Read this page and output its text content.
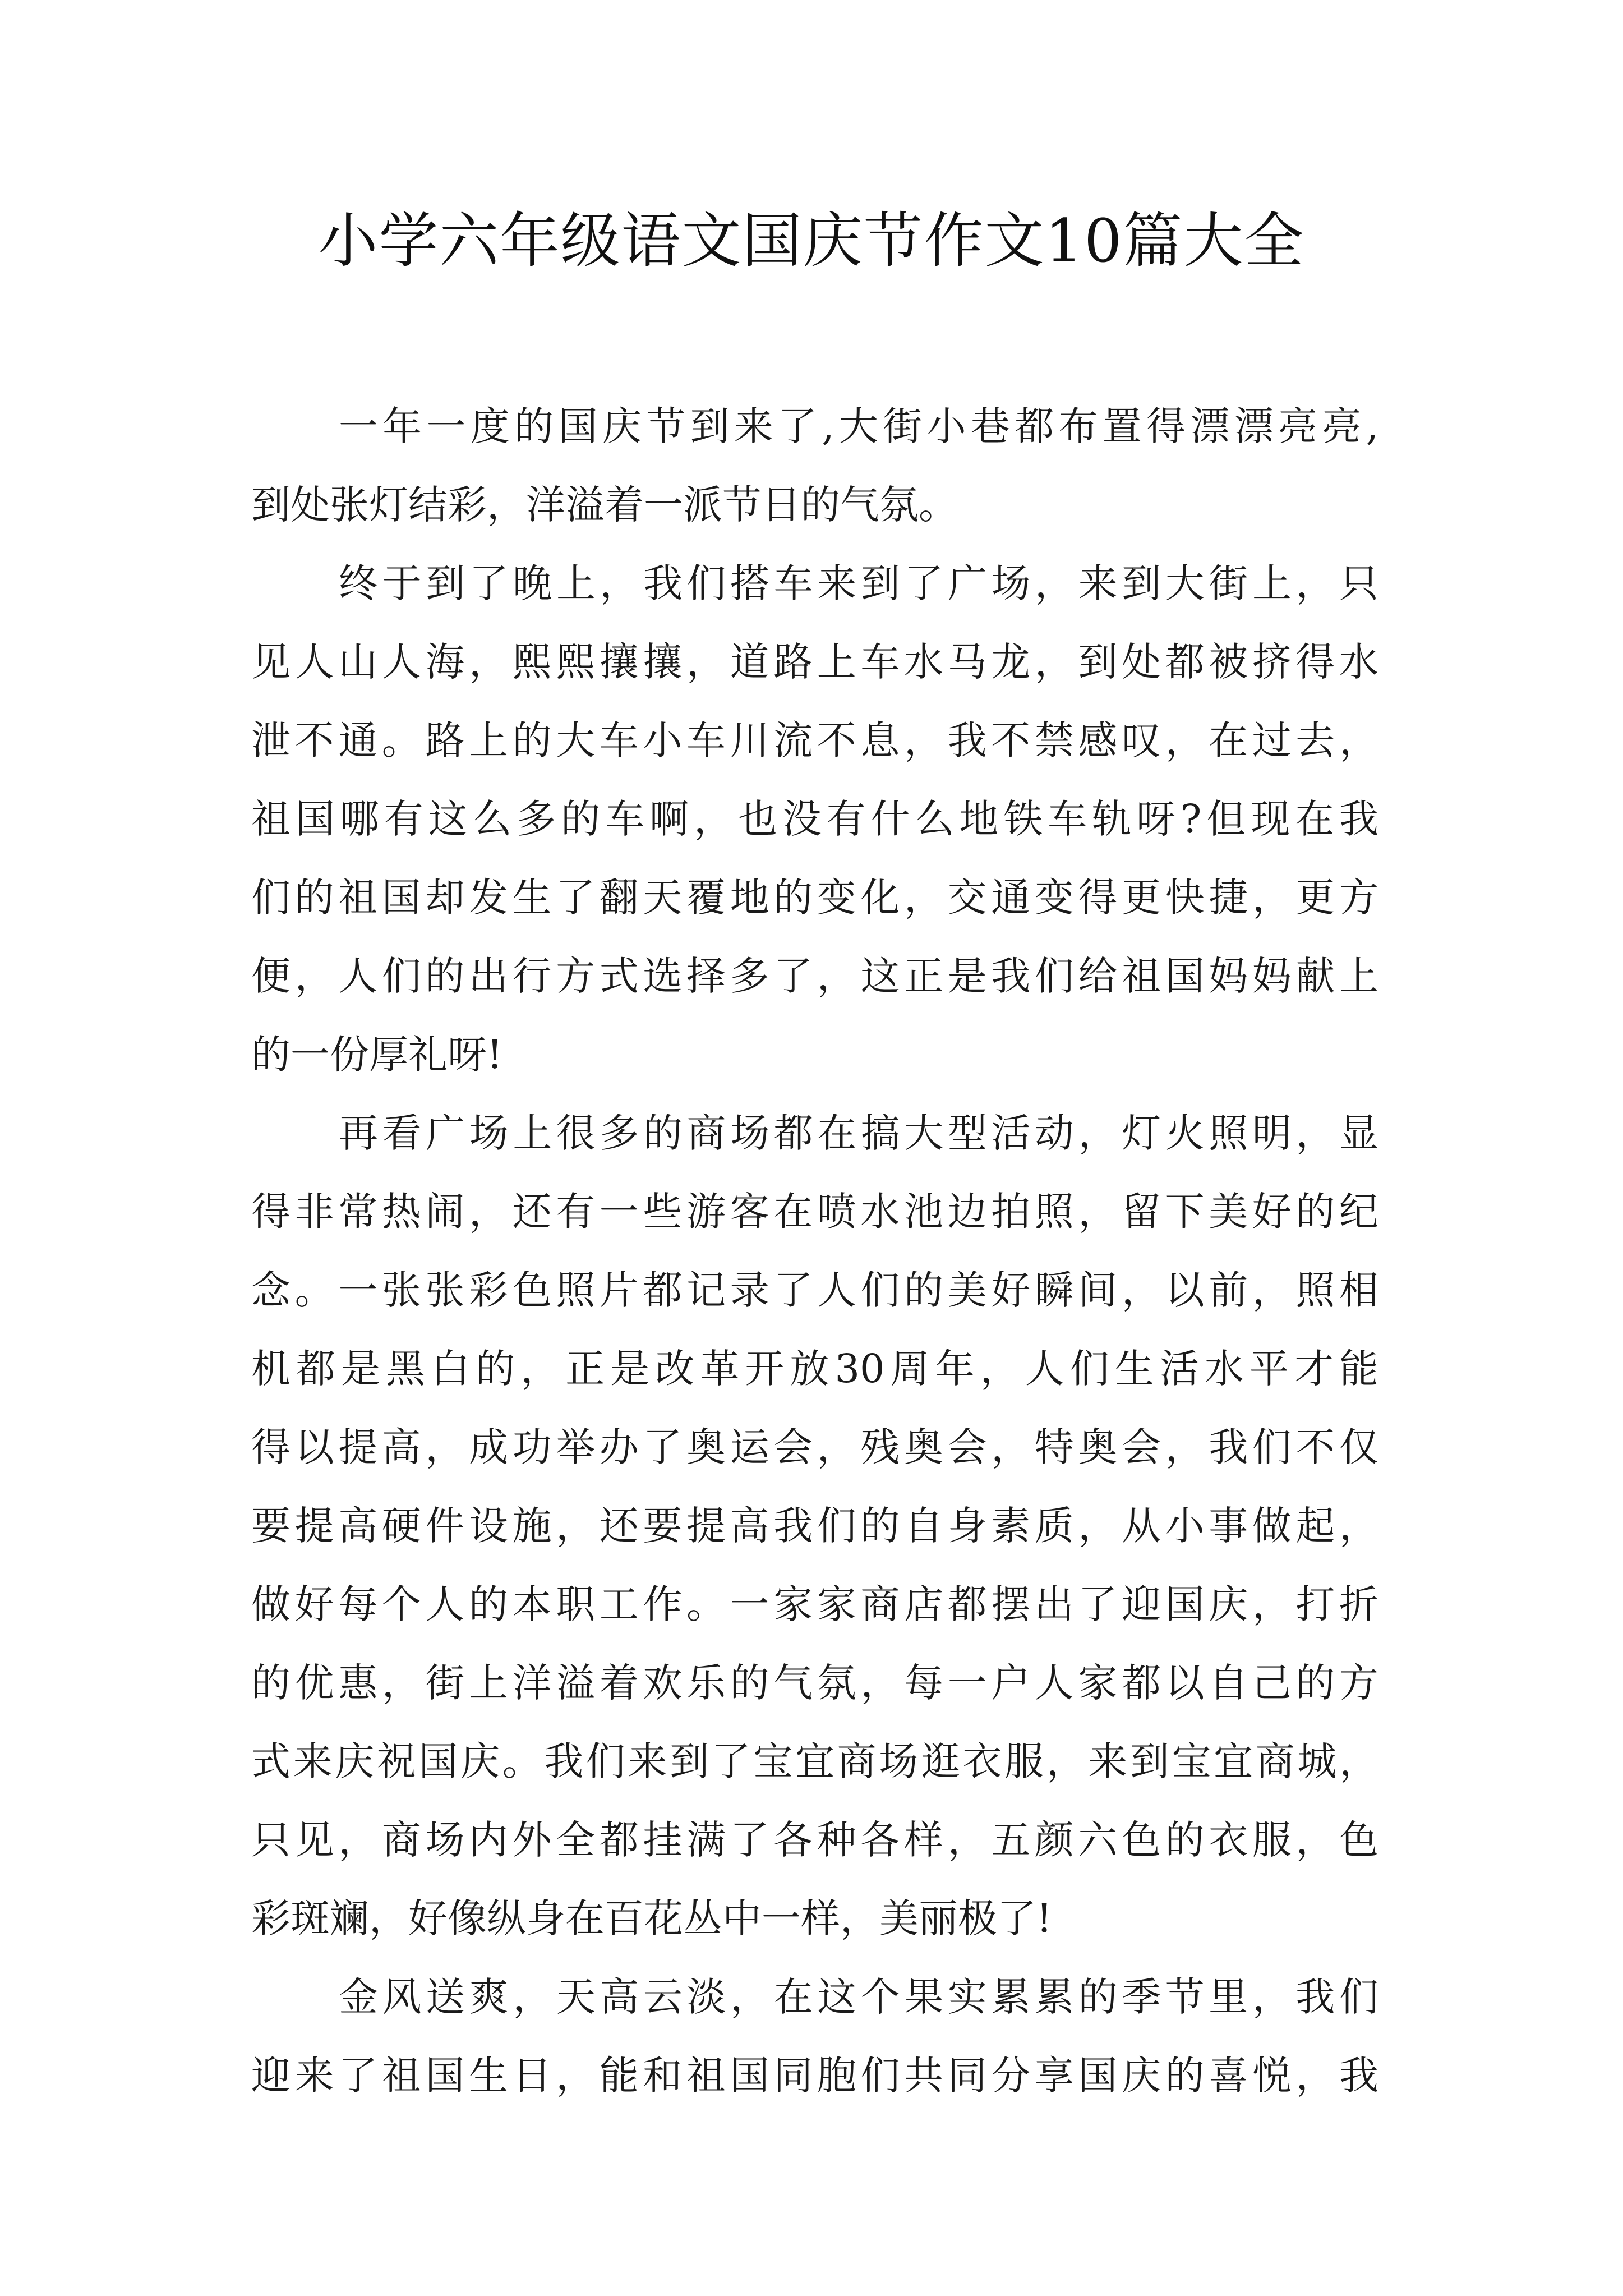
小学六年级语文国庆节作文10篇大全
一年一度的国庆节到来了,大街小巷都布置得漂漂亮亮,
到处张灯结彩，洋溢着一派节日的气氛。
终于到了晚上，我们搭车来到了广场，来到大街上，只
见人山人海，熙熙攘攘，道路上车水马龙，到处都被挤得水
泄不通。路上的大车小车川流不息，我不禁感叹，在过去，
祖国哪有这么多的车啊，也没有什么地铁车轨呀?但现在我
们的祖国却发生了翻天覆地的变化，交通变得更快捷，更方
便，人们的出行方式选择多了，这正是我们给祖国妈妈献上
的一份厚礼呀!
再看广场上很多的商场都在搞大型活动，灯火照明，显
得非常热闹，还有一些游客在喷水池边拍照，留下美好的纪
念。一张张彩色照片都记录了人们的美好瞬间，以前，照相
机都是黑白的，正是改革开放30周年，人们生活水平才能
得以提高，成功举办了奥运会，残奥会，特奥会，我们不仅
要提高硬件设施，还要提高我们的自身素质，从小事做起，
做好每个人的本职工作。一家家商店都摆出了迎国庆，打折
的优惠，街上洋溢着欢乐的气氛，每一户人家都以自己的方
式来庆祝国庆。我们来到了宝宜商场逛衣服，来到宝宜商城，
只见，商场内外全都挂满了各种各样，五颜六色的衣服，色
彩斑斓，好像纵身在百花丛中一样，美丽极了!
金风送爽，天高云淡，在这个果实累累的季节里，我们
迎来了祖国生日，能和祖国同胞们共同分享国庆的喜悦，我
